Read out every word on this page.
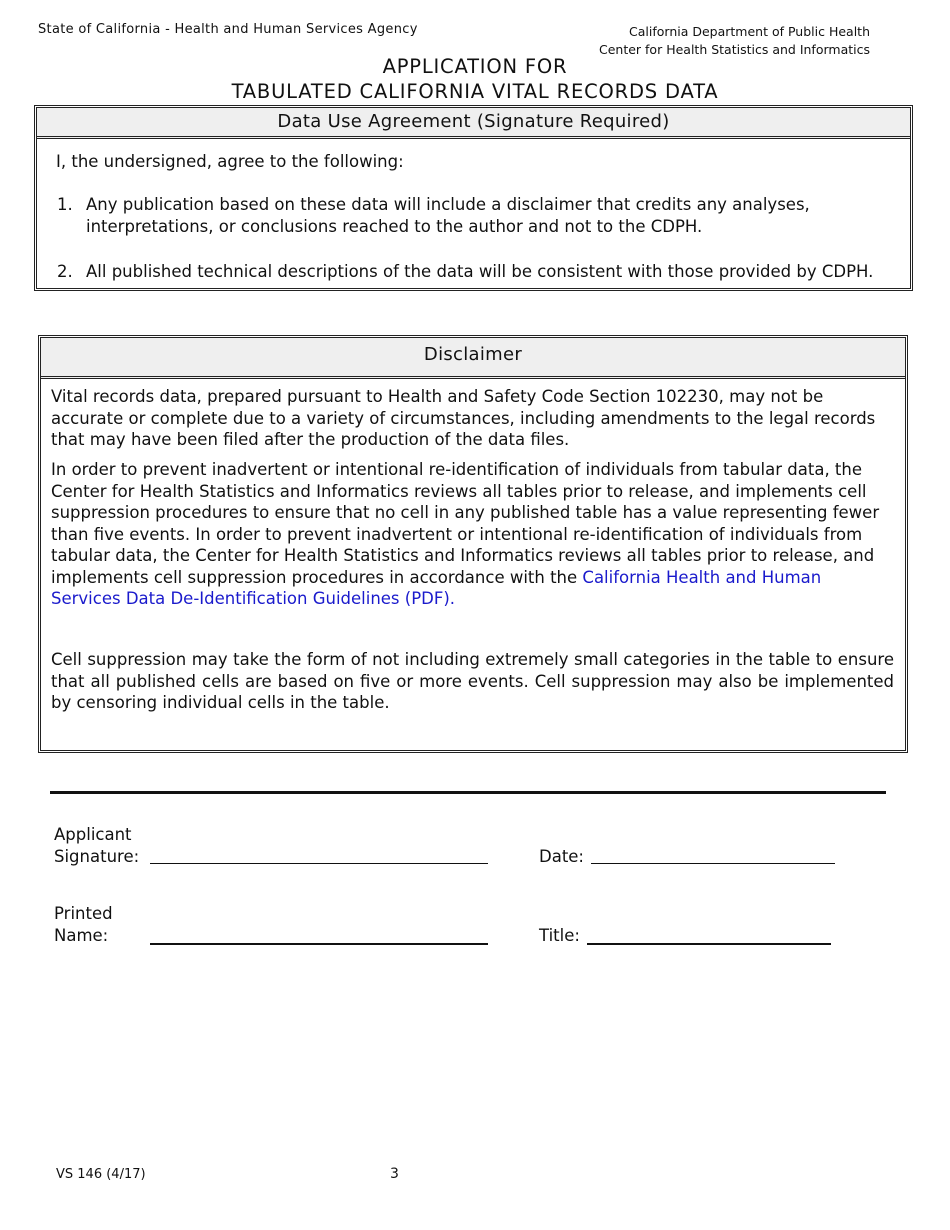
State of California - Health and Human Services Agency	California Department of Public Health
Center for Health Statistics and Informatics
APPLICATION FOR
TABULATED CALIFORNIA VITAL RECORDS DATA
Data Use Agreement (Signature Required)
I, the undersigned, agree to the following:
1. Any publication based on these data will include a disclaimer that credits any analyses, interpretations, or conclusions reached to the author and not to the CDPH.
2. All published technical descriptions of the data will be consistent with those provided by CDPH.
Disclaimer
Vital records data, prepared pursuant to Health and Safety Code Section 102230, may not be accurate or complete due to a variety of circumstances, including amendments to the legal records that may have been filed after the production of the data files.
In order to prevent inadvertent or intentional re-identification of individuals from tabular data, the Center for Health Statistics and Informatics reviews all tables prior to release, and implements cell suppression procedures to ensure that no cell in any published table has a value representing fewer than five events. In order to prevent inadvertent or intentional re-identification of individuals from tabular data, the Center for Health Statistics and Informatics reviews all tables prior to release, and implements cell suppression procedures in accordance with the California Health and Human Services Data De-Identification Guidelines (PDF).
Cell suppression may take the form of not including extremely small categories in the table to ensure that all published cells are based on five or more events. Cell suppression may also be implemented by censoring individual cells in the table.
Applicant
Signature:	Date:
Printed
Name:	Title:
VS 146 (4/17)	3
